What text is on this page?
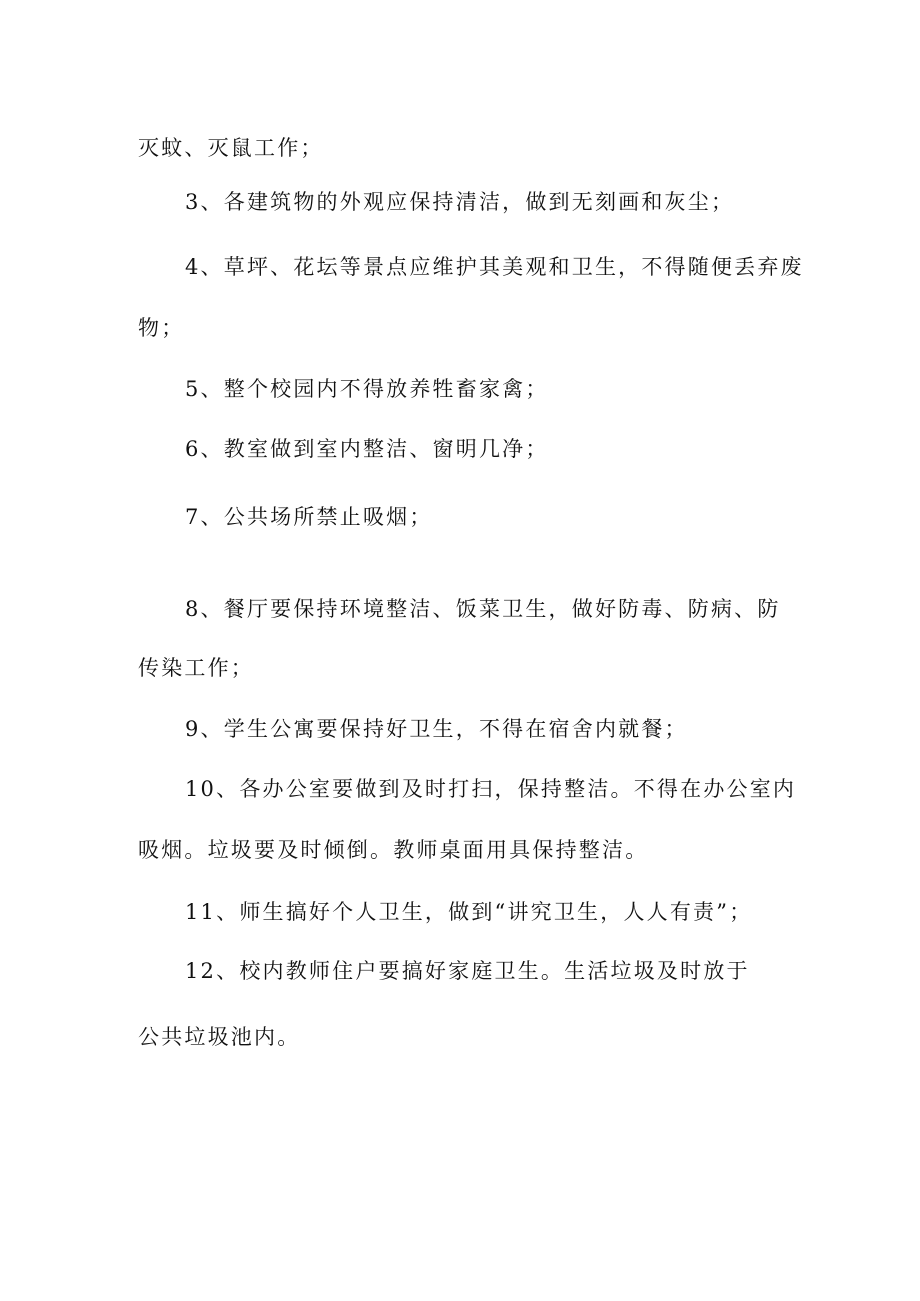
灭蚊、灭鼠工作；
3、各建筑物的外观应保持清洁，做到无刻画和灰尘；
4、草坪、花坛等景点应维护其美观和卫生，不得随便丢弃废
物；
5、整个校园内不得放养牲畜家禽；
6、教室做到室内整洁、窗明几净；
7、公共场所禁止吸烟；
8、餐厅要保持环境整洁、饭菜卫生，做好防毒、防病、防
传染工作；
9、学生公寓要保持好卫生，不得在宿舍内就餐；
10、各办公室要做到及时打扫，保持整洁。不得在办公室内
吸烟。垃圾要及时倾倒。教师桌面用具保持整洁。
11、师生搞好个人卫生，做到“讲究卫生，人人有责”；
12、校内教师住户要搞好家庭卫生。生活垃圾及时放于
公共垃圾池内。
